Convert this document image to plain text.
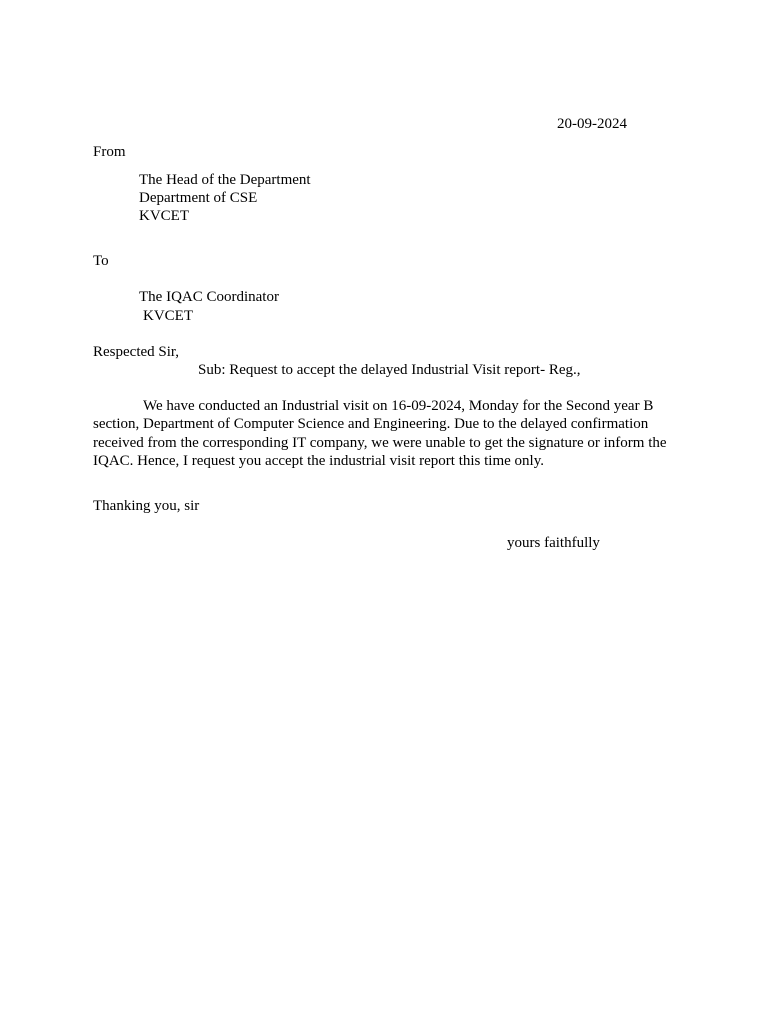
20-09-2024
From
The Head of the Department
Department of CSE
KVCET
To
The IQAC Coordinator
KVCET
Respected Sir,
Sub: Request to accept the delayed Industrial Visit report- Reg.,
We have conducted an Industrial visit on 16-09-2024, Monday for the Second year B section, Department of Computer Science and Engineering. Due to the delayed confirmation received from the corresponding IT company, we were unable to get the signature or inform the IQAC. Hence, I request you accept the industrial visit report this time only.
Thanking you, sir
yours faithfully
